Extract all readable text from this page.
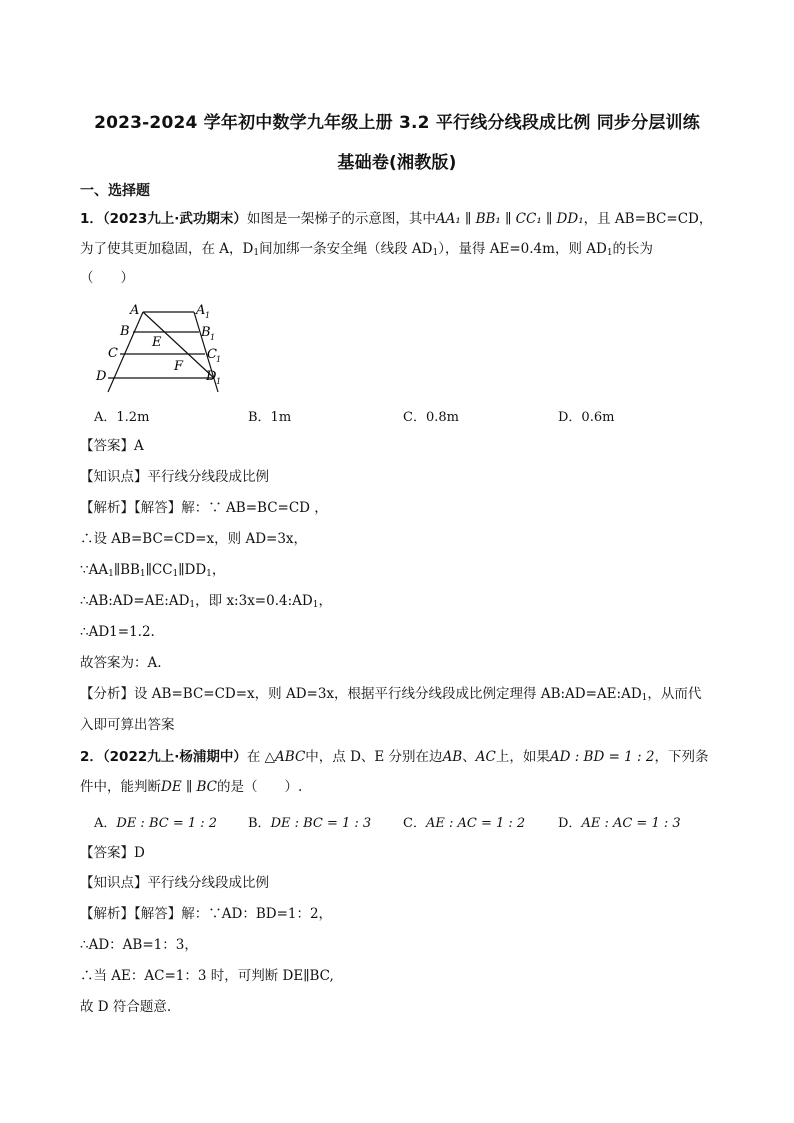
2023-2024 学年初中数学九年级上册 3.2 平行线分线段成比例 同步分层训练
基础卷(湘教版)
一、选择题
1．（2023九上·武功期末）如图是一架梯子的示意图，其中AA₁ ∥ BB₁ ∥ CC₁ ∥ DD₁，且 AB=BC=CD，
为了使其更加稳固，在 A，$D_1$间加绑一条安全绳（线段 $AD_1$），量得 AE=0.4m，则 $AD_1$的长为
（　　）
A	A 1
B	B 1
C	C 1
D	D 1
E
F
A．1.2m	B．1m	C．0.8m	D．0.6m
【答案】A
【知识点】平行线分线段成比例
【解析】【解答】解：∵ AB=BC=CD ，
∴设 AB=BC=CD=x，则 AD=3x，
$\because AA_1\parallel BB_1\parallel CC_1\parallel DD_1$，
$\therefore AB:AD=AE:AD_1$，即 $x:3x=0.4:AD_1$，
∴AD1=1.2.
故答案为：A.
【分析】设 AB=BC=CD=x，则 AD=3x，根据平行线分线段成比例定理得 $AB:AD=AE:AD_1$，从而代
入即可算出答案
2．（2022九上·杨浦期中）在 △ABC中，点 D、E 分别在边AB、AC上，如果AD : BD = 1 : 2，下列条
件中，能判断DE ∥ BC的是（　　）.
A．DE : BC = 1 : 2 B．DE : BC = 1 : 3 C．AE : AC = 1 : 2	D．AE : AC = 1 : 3
【答案】D
【知识点】平行线分线段成比例
【解析】【解答】解：∵AD：BD=1：2，
∴AD：AB=1：3，
∴当 AE：AC=1：3 时，可判断 DE∥BC,
故 D 符合题意.
